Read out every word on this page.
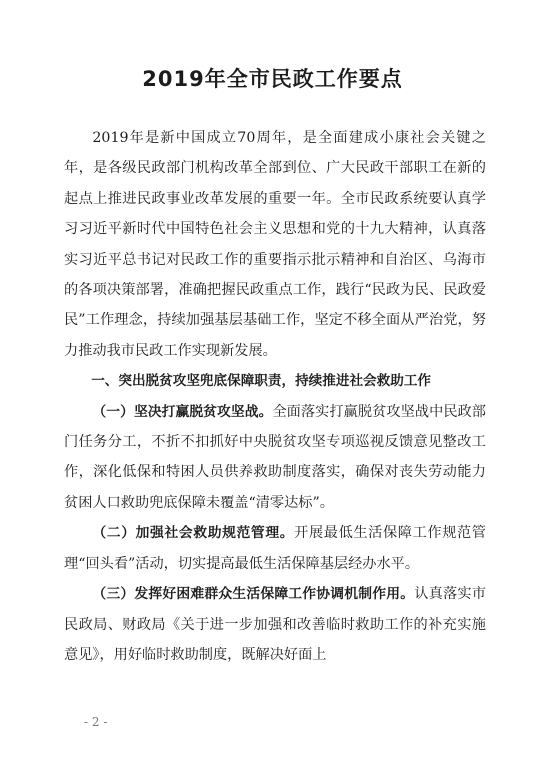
2019年全市民政工作要点

2019年是新中国成立70周年，是全面建成小康社会关键之年，是各级民政部门机构改革全部到位、广大民政干部职工在新的起点上推进民政事业改革发展的重要一年。全市民政系统要认真学习习近平新时代中国特色社会主义思想和党的十九大精神，认真落实习近平总书记对民政工作的重要指示批示精神和自治区、乌海市的各项决策部署，准确把握民政重点工作，践行“民政为民、民政爱民”工作理念，持续加强基层基础工作，坚定不移全面从严治党，努力推动我市民政工作实现新发展。

一、突出脱贫攻坚兜底保障职责，持续推进社会救助工作

（一）坚决打赢脱贫攻坚战。全面落实打赢脱贫攻坚战中民政部门任务分工，不折不扣抓好中央脱贫攻坚专项巡视反馈意见整改工作，深化低保和特困人员供养救助制度落实，确保对丧失劳动能力贫困人口救助兜底保障未覆盖“清零达标”。

（二）加强社会救助规范管理。开展最低生活保障工作规范管理“回头看”活动，切实提高最低生活保障基层经办水平。

（三）发挥好困难群众生活保障工作协调机制作用。认真落实市民政局、财政局《关于进一步加强和改善临时救助工作的补充实施意见》，用好临时救助制度，既解决好面上

- 2 -
